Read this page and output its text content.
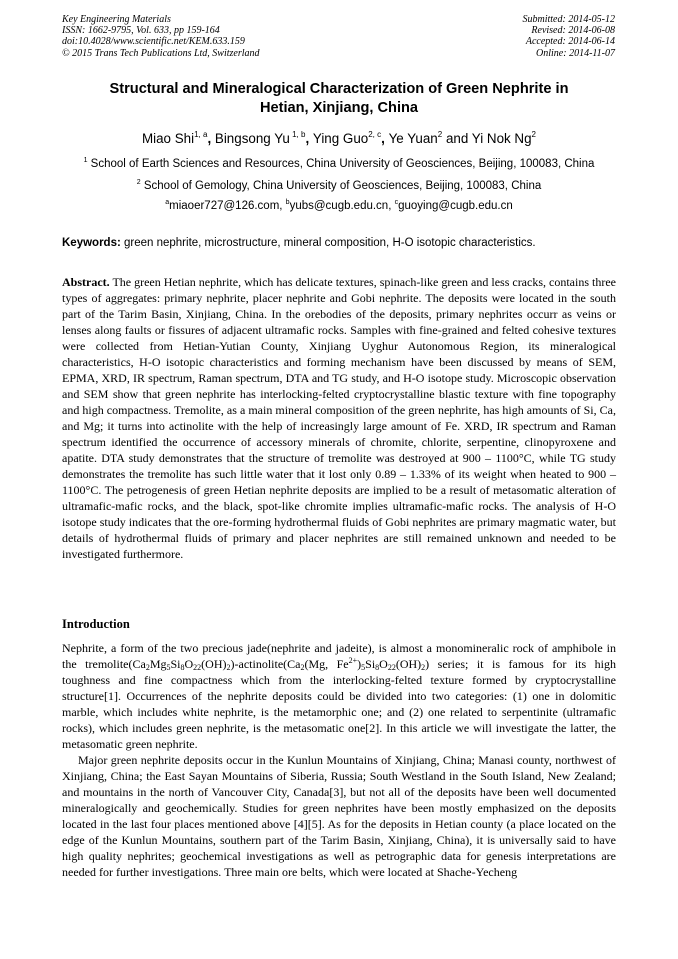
Key Engineering Materials
ISSN: 1662-9795, Vol. 633, pp 159-164
doi:10.4028/www.scientific.net/KEM.633.159
© 2015 Trans Tech Publications Ltd, Switzerland
Submitted: 2014-05-12
Revised: 2014-06-08
Accepted: 2014-06-14
Online: 2014-11-07
Structural and Mineralogical Characterization of Green Nephrite in
Hetian, Xinjiang, China
Miao Shi$^{1, a}$, Bingsong Yu $^{1, b}$, Ying Guo$^{2, c}$, Ye Yuan$^2$ and Yi Nok Ng$^2$
$^1$ School of Earth Sciences and Resources, China University of Geosciences, Beijing, 100083, China
$^2$ School of Gemology, China University of Geosciences, Beijing, 100083, China
$^a$miaoer727@126.com, $^b$yubs@cugb.edu.cn, $^c$guoying@cugb.edu.cn
Keywords: green nephrite, microstructure, mineral composition, H-O isotopic characteristics.
Abstract. The green Hetian nephrite, which has delicate textures, spinach-like green and less cracks, contains three types of aggregates: primary nephrite, placer nephrite and Gobi nephrite. The deposits were located in the south part of the Tarim Basin, Xinjiang, China. In the orebodies of the deposits, primary nephrites occurr as veins or lenses along faults or fissures of adjacent ultramafic rocks. Samples with fine-grained and felted cohesive textures were collected from Hetian-Yutian County, Xinjiang Uyghur Autonomous Region, its mineralogical characteristics, H-O isotopic characteristics and forming mechanism have been discussed by means of SEM, EPMA, XRD, IR spectrum, Raman spectrum, DTA and TG study, and H-O isotope study. Microscopic observation and SEM show that green nephrite has interlocking-felted cryptocrystalline blastic texture with fine topography and high compactness. Tremolite, as a main mineral composition of the green nephrite, has high amounts of Si, Ca, and Mg; it turns into actinolite with the help of increasingly large amount of Fe. XRD, IR spectrum and Raman spectrum identified the occurrence of accessory minerals of chromite, chlorite, serpentine, clinopyroxene and apatite. DTA study demonstrates that the structure of tremolite was destroyed at 900 – 1100°C, while TG study demonstrates the tremolite has such little water that it lost only 0.89 – 1.33% of its weight when heated to 900 – 1100°C. The petrogenesis of green Hetian nephrite deposits are implied to be a result of metasomatic alteration of ultramafic-mafic rocks, and the black, spot-like chromite implies ultramafic-mafic rocks. The analysis of H-O isotope study indicates that the ore-forming hydrothermal fluids of Gobi nephrites are primary magmatic water, but details of hydrothermal fluids of primary and placer nephrites are still remained unknown and needed to be investigated furthermore.
Introduction

Nephrite, a form of the two precious jade(nephrite and jadeite), is almost a monomineralic rock of amphibole in the $tremolite(Ca_2Mg_5Si_8O_{22}(OH)_2)-actinolite(Ca_2(Mg$, $Fe^{2+})_5Si_8O_{22}(OH)_2$) series; it is famous for its high toughness and fine compactness which from the interlocking-felted texture formed by cryptocrystalline structure[1]. Occurrences of the nephrite deposits could be divided into two categories: (1) one in dolomitic marble, which includes white nephrite, is the metamorphic one; and (2) one related to serpentinite (ultramafic rocks), which includes green nephrite, is the metasomatic one[2]. In this article we will investigate the latter, the metasomatic green nephrite.

Major green nephrite deposits occur in the Kunlun Mountains of Xinjiang, China; Manasi county, northwest of Xinjiang, China; the East Sayan Mountains of Siberia, Russia; South Westland in the South Island, New Zealand; and mountains in the north of Vancouver City, Canada[3], but not all of the deposits have been well documented mineralogically and geochemically. Studies for green nephrites have been mostly emphasized on the deposits located in the last four places mentioned above [4][5]. As for the deposits in Hetian county (a place located on the edge of the Kunlun Mountains, southern part of the Tarim Basin, Xinjiang, China), it is universally said to have high quality nephrites; geochemical investigations as well as petrographic data for genesis interpretations are needed for further investigations. Three main ore belts, which were located at Shache-Yecheng
